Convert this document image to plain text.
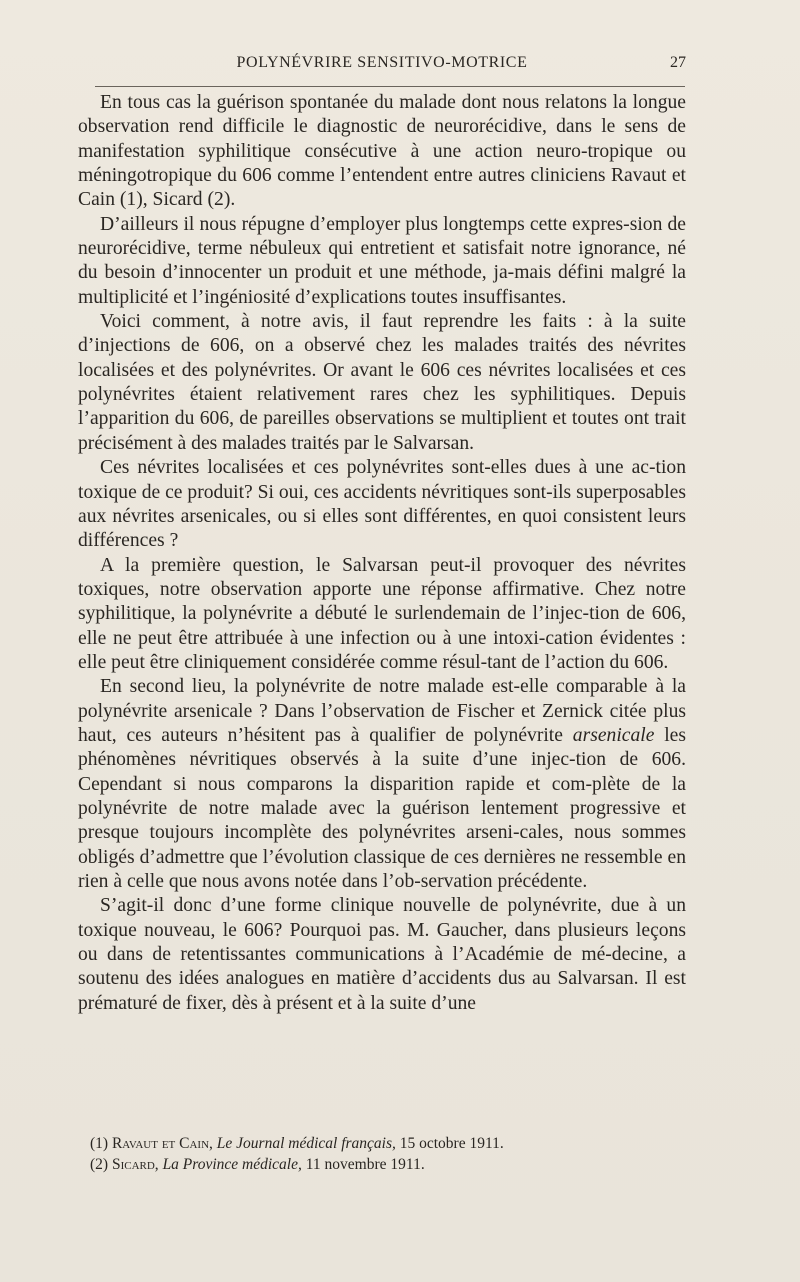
POLYNÉVRIRE SENSITIVO-MOTRICE	27

En tous cas la guérison spontanée du malade dont nous relatons la longue observation rend difficile le diagnostic de neurorécidive, dans le sens de manifestation syphilitique consécutive à une action neuro-tropique ou méningotropique du 606 comme l’entendent entre autres cliniciens Ravaut et Cain (1), Sicard (2).

D’ailleurs il nous répugne d’employer plus longtemps cette expres-sion de neurorécidive, terme nébuleux qui entretient et satisfait notre ignorance, né du besoin d’innocenter un produit et une méthode, ja-mais défini malgré la multiplicité et l’ingéniosité d’explications toutes insuffisantes.

Voici comment, à notre avis, il faut reprendre les faits : à la suite d’injections de 606, on a observé chez les malades traités des névrites localisées et des polynévrites. Or avant le 606 ces névrites localisées et ces polynévrites étaient relativement rares chez les syphilitiques. Depuis l’apparition du 606, de pareilles observations se multiplient et toutes ont trait précisément à des malades traités par le Salvarsan.

Ces névrites localisées et ces polynévrites sont-elles dues à une ac-tion toxique de ce produit? Si oui, ces accidents névritiques sont-ils superposables aux névrites arsenicales, ou si elles sont différentes, en quoi consistent leurs différences ?

A la première question, le Salvarsan peut-il provoquer des névrites toxiques, notre observation apporte une réponse affirmative. Chez notre syphilitique, la polynévrite a débuté le surlendemain de l’injec-tion de 606, elle ne peut être attribuée à une infection ou à une intoxi-cation évidentes : elle peut être cliniquement considérée comme résul-tant de l’action du 606.

En second lieu, la polynévrite de notre malade est-elle comparable à la polynévrite arsenicale ? Dans l’observation de Fischer et Zernick citée plus haut, ces auteurs n’hésitent pas à qualifier de polynévrite arsenicale les phénomènes névritiques observés à la suite d’une injec-tion de 606. Cependant si nous comparons la disparition rapide et com-plète de la polynévrite de notre malade avec la guérison lentement progressive et presque toujours incomplète des polynévrites arseni-cales, nous sommes obligés d’admettre que l’évolution classique de ces dernières ne ressemble en rien à celle que nous avons notée dans l’ob-servation précédente.

S’agit-il donc d’une forme clinique nouvelle de polynévrite, due à un toxique nouveau, le 606? Pourquoi pas. M. Gaucher, dans plusieurs leçons ou dans de retentissantes communications à l’Académie de mé-decine, a soutenu des idées analogues en matière d’accidents dus au Salvarsan. Il est prématuré de fixer, dès à présent et à la suite d’une

(1) Ravaut et Cain, Le Journal médical français, 15 octobre 1911.

(2) Sicard, La Province médicale, 11 novembre 1911.
